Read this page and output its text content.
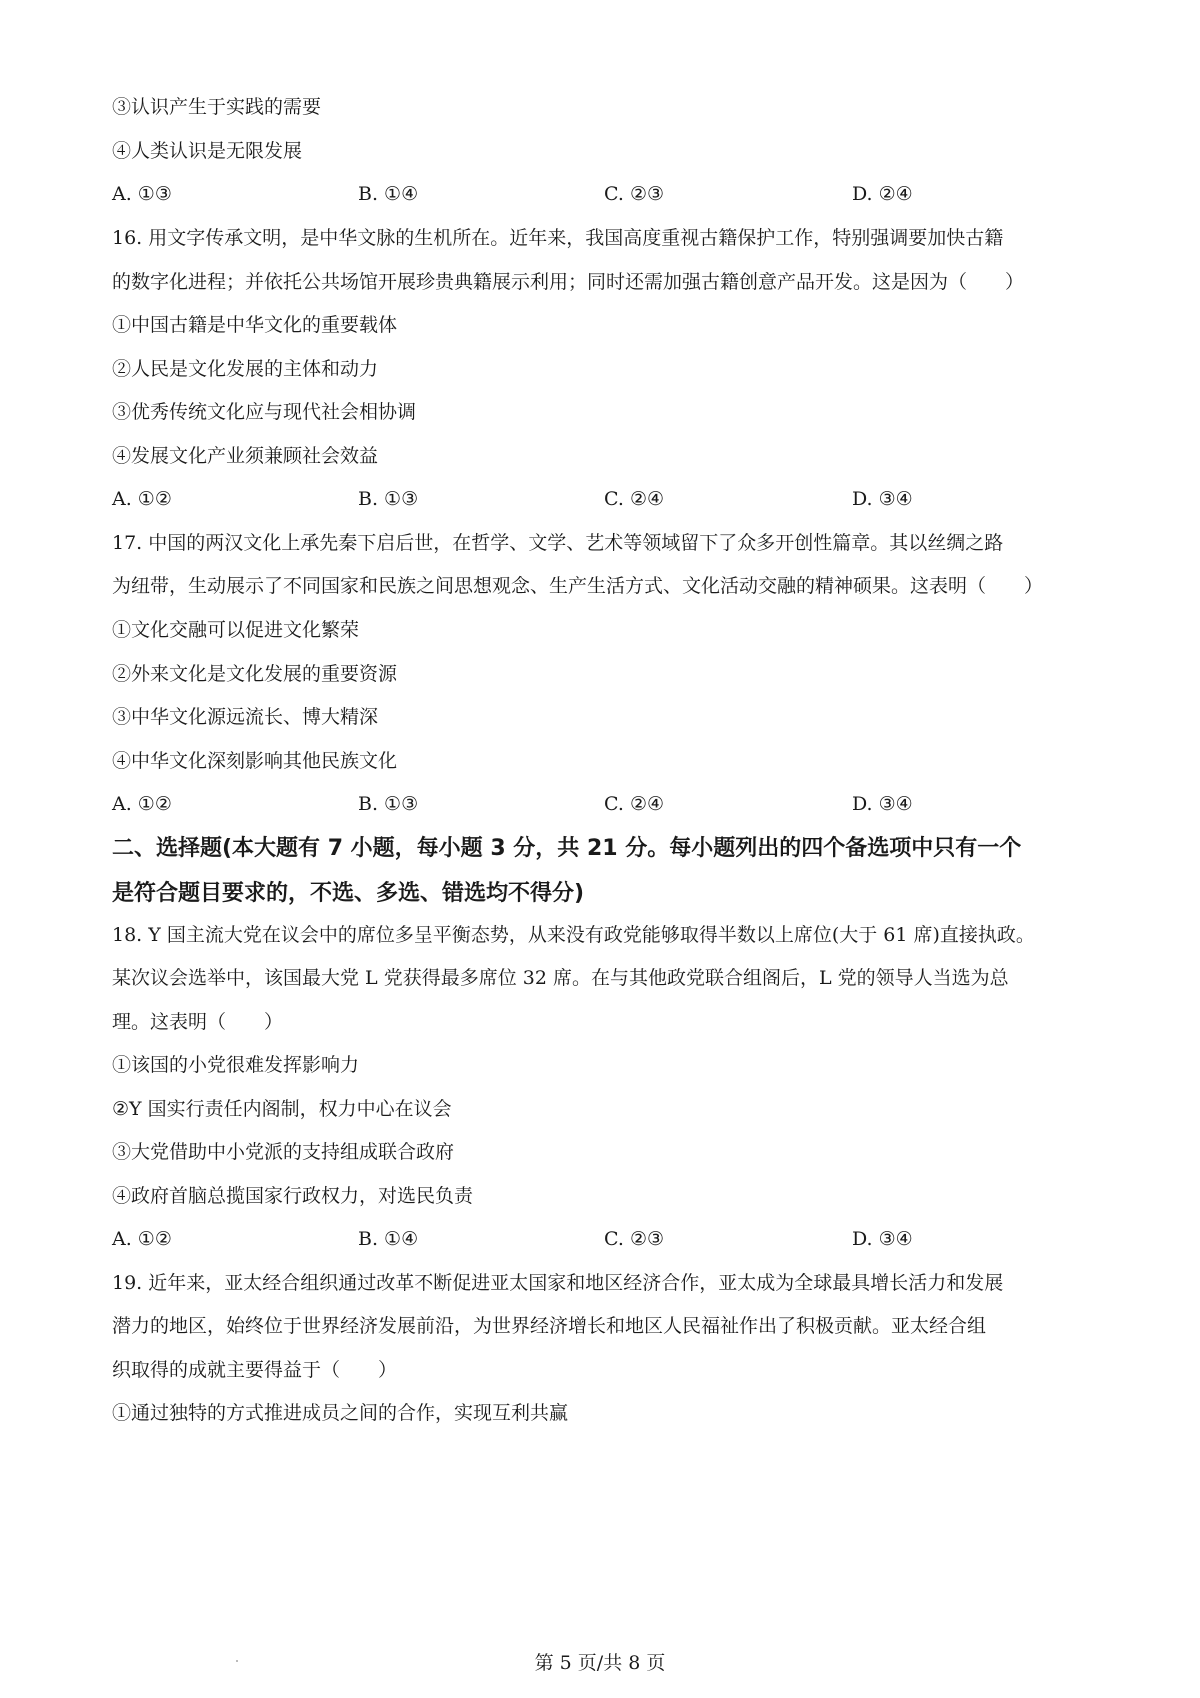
③认识产生于实践的需要
④人类认识是无限发展
A. ①③	B. ①④	C. ②③	D. ②④
16. 用文字传承文明，是中华文脉的生机所在。近年来，我国高度重视古籍保护工作，特别强调要加快古籍
的数字化进程；并依托公共场馆开展珍贵典籍展示利用；同时还需加强古籍创意产品开发。这是因为（　　）
①中国古籍是中华文化的重要载体
②人民是文化发展的主体和动力
③优秀传统文化应与现代社会相协调
④发展文化产业须兼顾社会效益
A. ①②	B. ①③	C. ②④	D. ③④
17. 中国的两汉文化上承先秦下启后世，在哲学、文学、艺术等领域留下了众多开创性篇章。其以丝绸之路
为纽带，生动展示了不同国家和民族之间思想观念、生产生活方式、文化活动交融的精神硕果。这表明（　　）
①文化交融可以促进文化繁荣
②外来文化是文化发展的重要资源
③中华文化源远流长、博大精深
④中华文化深刻影响其他民族文化
A. ①②	B. ①③	C. ②④	D. ③④
二、选择题(本大题有 7 小题，每小题 3 分，共 21 分。每小题列出的四个备选项中只有一个
是符合题目要求的，不选、多选、错选均不得分)
18. Y 国主流大党在议会中的席位多呈平衡态势，从来没有政党能够取得半数以上席位(大于 61 席)直接执政。
某次议会选举中，该国最大党 L 党获得最多席位 32 席。在与其他政党联合组阁后，L 党的领导人当选为总
理。这表明（　　）
①该国的小党很难发挥影响力
②Y 国实行责任内阁制，权力中心在议会
③大党借助中小党派的支持组成联合政府
④政府首脑总揽国家行政权力，对选民负责
A. ①②	B. ①④	C. ②③	D. ③④
19. 近年来，亚太经合组织通过改革不断促进亚太国家和地区经济合作，亚太成为全球最具增长活力和发展
潜力的地区，始终位于世界经济发展前沿，为世界经济增长和地区人民福祉作出了积极贡献。亚太经合组
织取得的成就主要得益于（　　）
①通过独特的方式推进成员之间的合作，实现互利共赢
第 5 页/共 8 页
